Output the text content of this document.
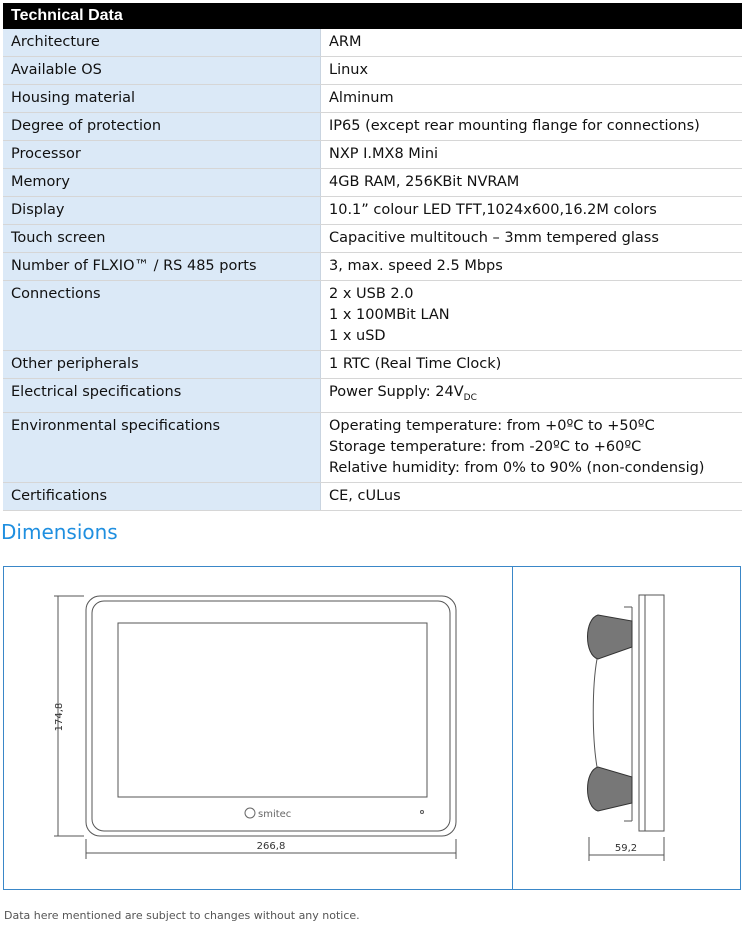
Technical Data
Architecture	ARM

Available OS	Linux

Housing material	Alminum

Degree of protection	IP65 (except rear mounting flange for connections)

Processor	NXP I.MX8 Mini

Memory	4GB RAM, 256KBit NVRAM

Display	10.1” colour LED TFT,1024x600,16.2M colors

Touch screen	Capacitive multitouch – 3mm tempered glass

Number of FLXIO™ / RS 485 ports	3, max. speed 2.5 Mbps

Connections	2 x USB 2.0
1 x 100MBit LAN
1 x uSD

Other peripherals	1 RTC (Real Time Clock)

Electrical specifications	Power Supply: $24V_{DC}$

Environmental specifications	Operating temperature: from +0ºC to +50ºC
Storage temperature: from -20ºC to +60ºC
Relative humidity: from 0% to 90% (non-condensig)

Certifications	CE, cULus
Dimensions
174,8
266,8	59,2
smitec
Data here mentioned are subject to changes without any notice.
